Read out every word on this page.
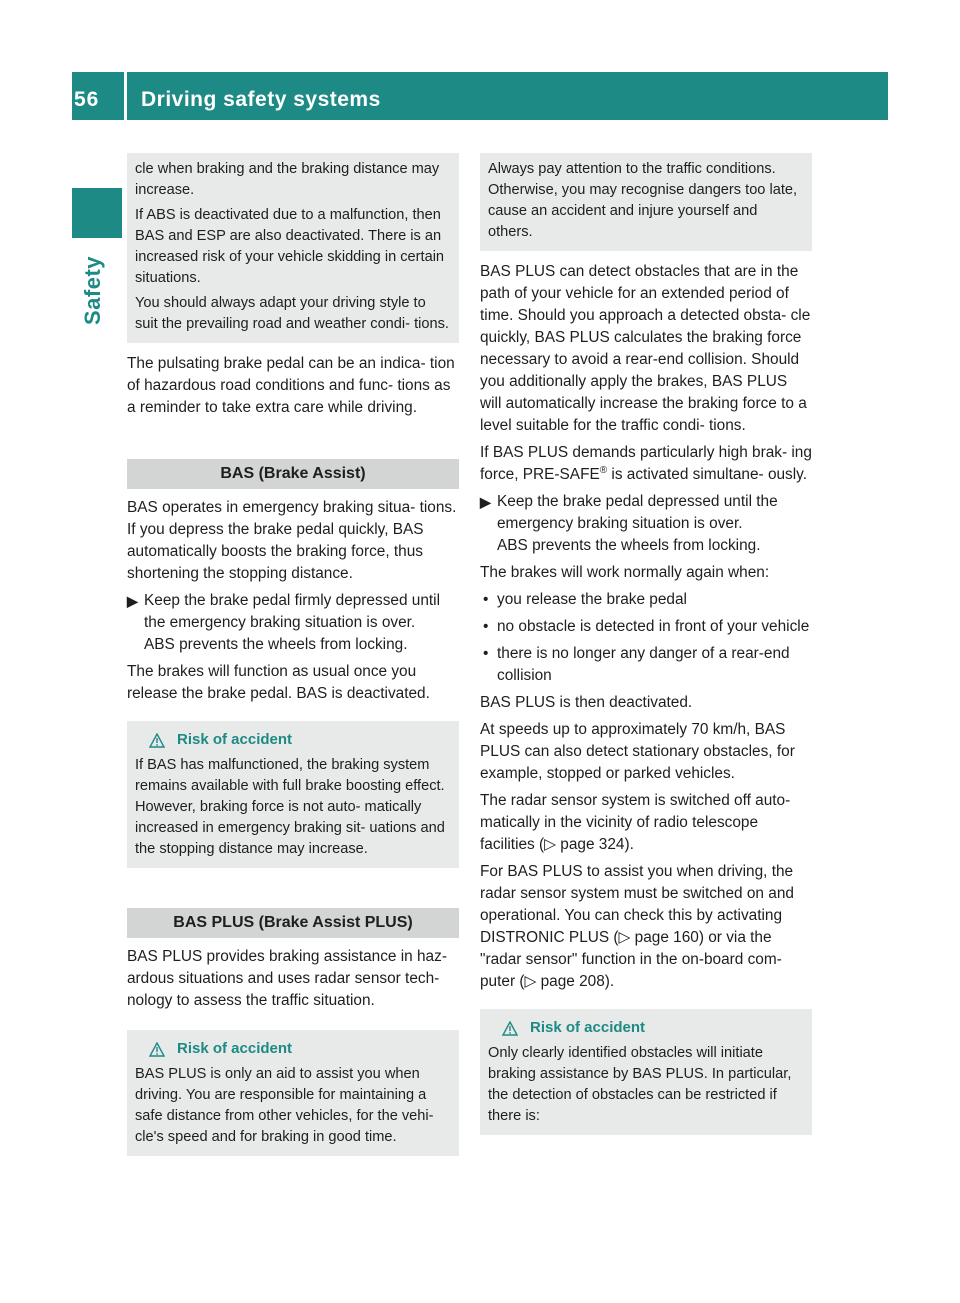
56	Driving safety systems
Safety

cle when braking and the braking distance may increase.

If ABS is deactivated due to a malfunction, then BAS and ESP are also deactivated. There is an increased risk of your vehicle skidding in certain situations.

You should always adapt your driving style to suit the prevailing road and weather condi- tions.

The pulsating brake pedal can be an indica- tion of hazardous road conditions and func- tions as a reminder to take extra care while driving.

BAS (Brake Assist)

BAS operates in emergency braking situa- tions. If you depress the brake pedal quickly, BAS automatically boosts the braking force, thus shortening the stopping distance.

▶ Keep the brake pedal firmly depressed until the emergency braking situation is over.
ABS prevents the wheels from locking.

The brakes will function as usual once you release the brake pedal. BAS is deactivated.

Risk of accident

If BAS has malfunctioned, the braking system remains available with full brake boosting effect. However, braking force is not auto- matically increased in emergency braking sit- uations and the stopping distance may increase.

BAS PLUS (Brake Assist PLUS)

BAS PLUS provides braking assistance in haz- ardous situations and uses radar sensor tech- nology to assess the traffic situation.

Risk of accident

BAS PLUS is only an aid to assist you when driving. You are responsible for maintaining a safe distance from other vehicles, for the vehi- cle's speed and for braking in good time.

Always pay attention to the traffic conditions. Otherwise, you may recognise dangers too late, cause an accident and injure yourself and others.

BAS PLUS can detect obstacles that are in the path of your vehicle for an extended period of time. Should you approach a detected obsta- cle quickly, BAS PLUS calculates the braking force necessary to avoid a rear-end collision. Should you additionally apply the brakes, BAS PLUS will automatically increase the braking force to a level suitable for the traffic condi- tions.

If BAS PLUS demands particularly high brak- ing force, PRE-SAFE® is activated simultane- ously.

▶ Keep the brake pedal depressed until the emergency braking situation is over.
ABS prevents the wheels from locking.

The brakes will work normally again when:

• you release the brake pedal
• no obstacle is detected in front of your vehicle
• there is no longer any danger of a rear-end collision

BAS PLUS is then deactivated.

At speeds up to approximately 70 km/h, BAS PLUS can also detect stationary obstacles, for example, stopped or parked vehicles.

The radar sensor system is switched off auto- matically in the vicinity of radio telescope facilities (▷ page 324).

For BAS PLUS to assist you when driving, the radar sensor system must be switched on and operational. You can check this by activating DISTRONIC PLUS (▷ page 160) or via the "radar sensor" function in the on-board com- puter (▷ page 208).

Risk of accident

Only clearly identified obstacles will initiate braking assistance by BAS PLUS. In particular, the detection of obstacles can be restricted if there is:
